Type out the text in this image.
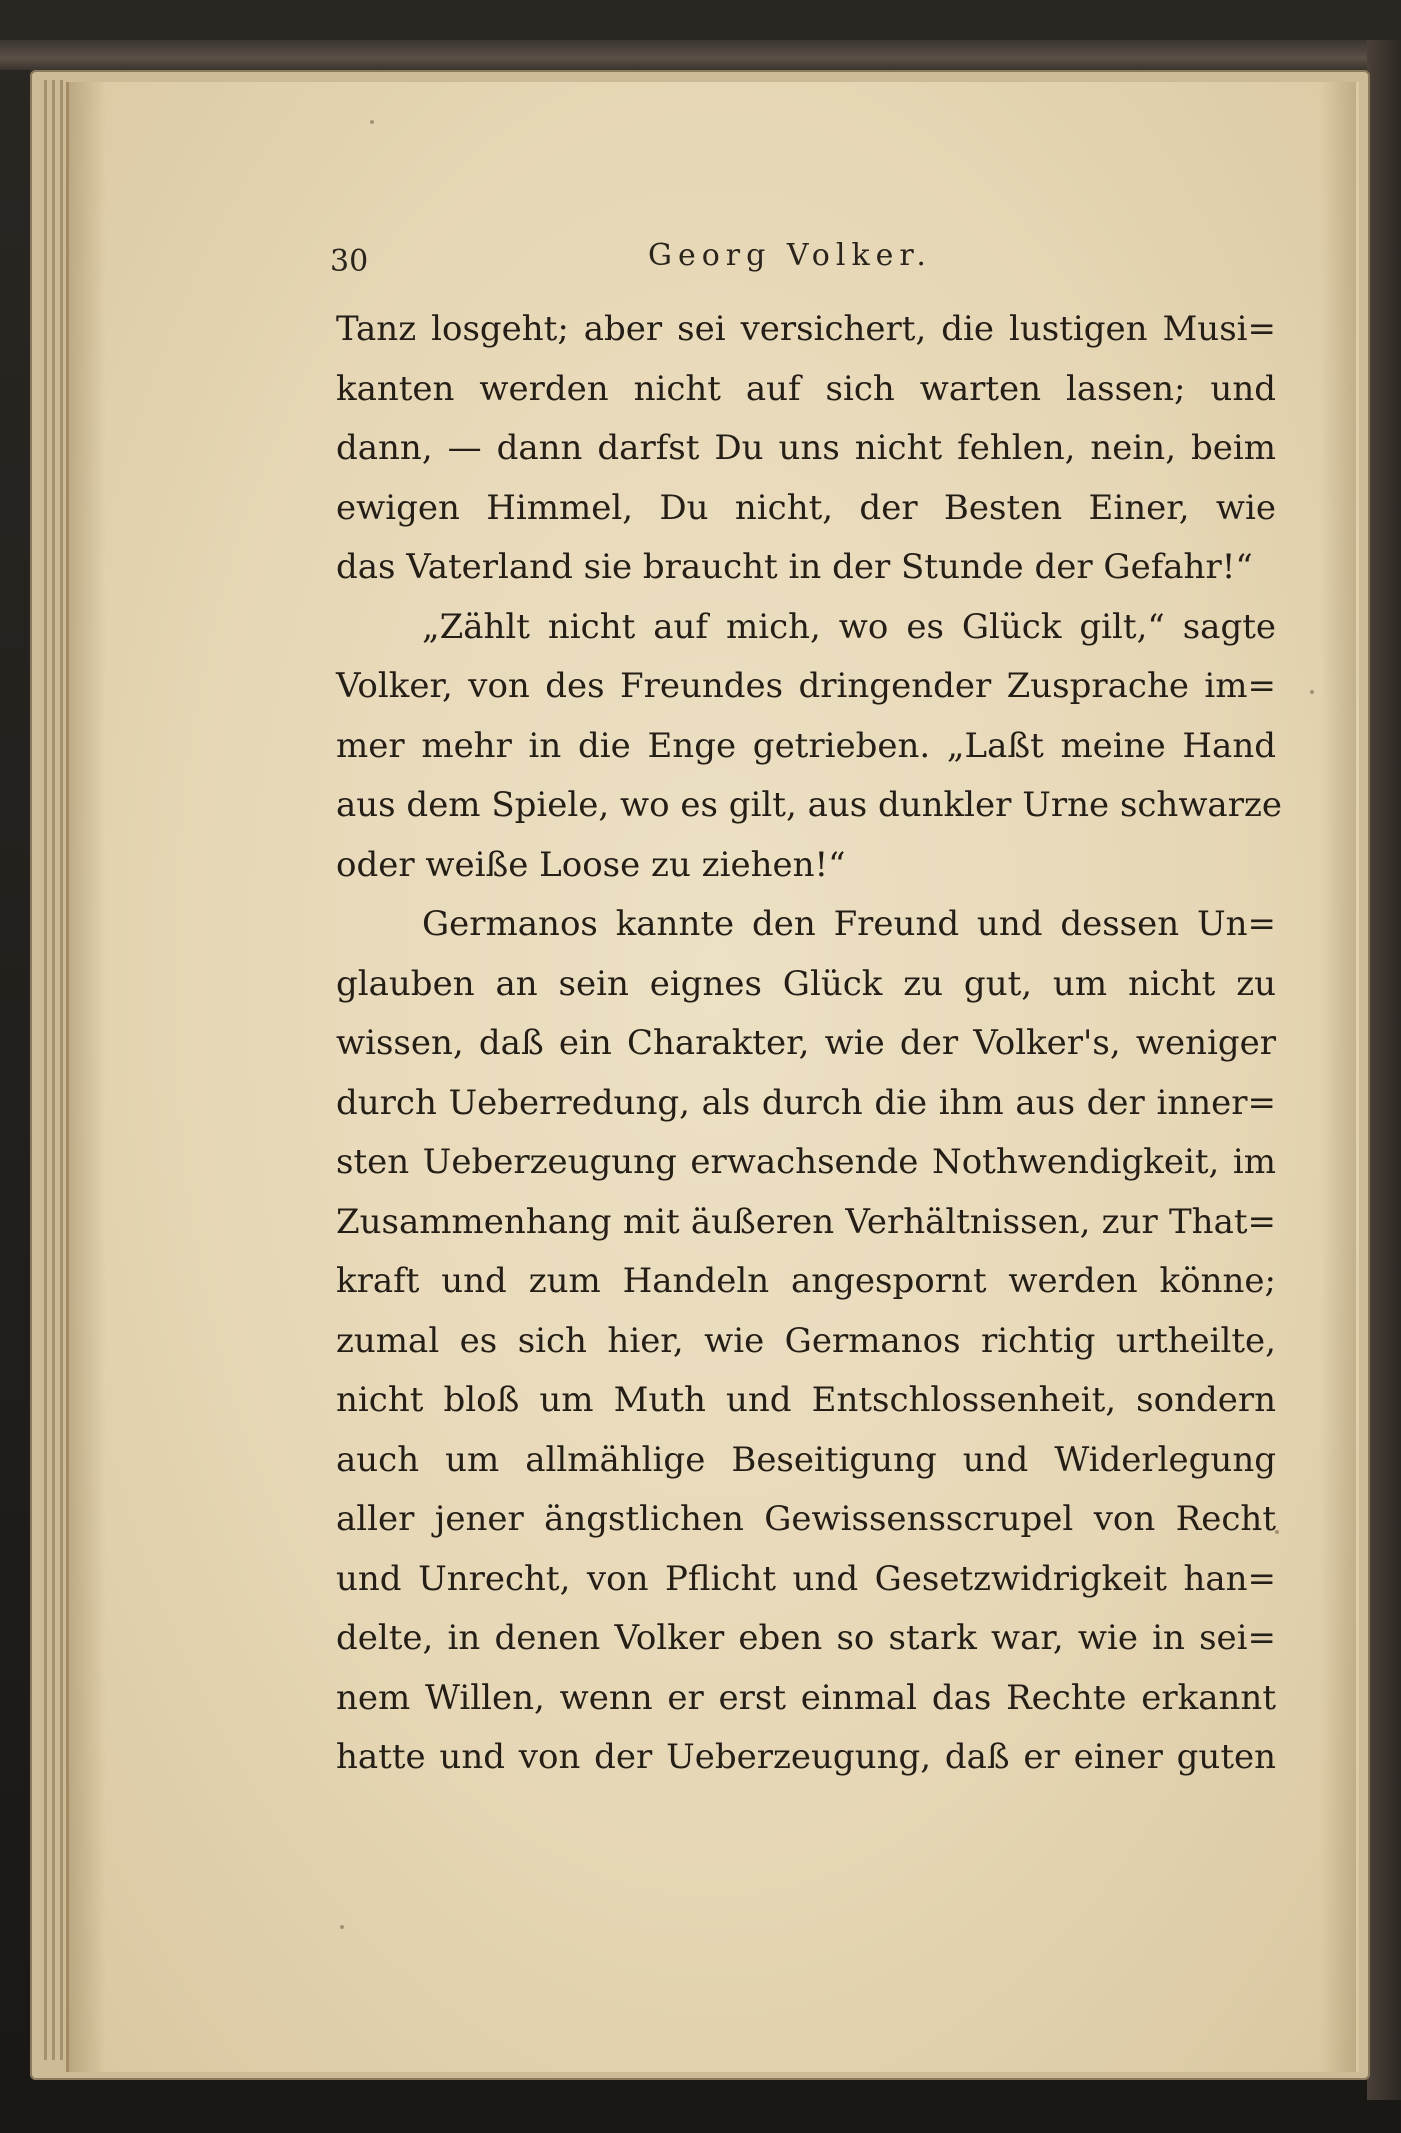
30	Georg Volker.
Tanz losgeht; aber sei versichert, die lustigen Musi=
kanten werden nicht auf sich warten lassen; und
dann, — dann darfst Du uns nicht fehlen, nein, beim
ewigen Himmel, Du nicht, der Besten Einer, wie
das Vaterland sie braucht in der Stunde der Gefahr!“
„Zählt nicht auf mich, wo es Glück gilt,“ sagte
Volker, von des Freundes dringender Zusprache im=
mer mehr in die Enge getrieben. „Laßt meine Hand
aus dem Spiele, wo es gilt, aus dunkler Urne schwarze
oder weiße Loose zu ziehen!“
Germanos kannte den Freund und dessen Un=
glauben an sein eignes Glück zu gut, um nicht zu
wissen, daß ein Charakter, wie der Volker's, weniger
durch Ueberredung, als durch die ihm aus der inner=
sten Ueberzeugung erwachsende Nothwendigkeit, im
Zusammenhang mit äußeren Verhältnissen, zur That=
kraft und zum Handeln angespornt werden könne;
zumal es sich hier, wie Germanos richtig urtheilte,
nicht bloß um Muth und Entschlossenheit, sondern
auch um allmählige Beseitigung und Widerlegung
aller jener ängstlichen Gewissensscrupel von Recht
und Unrecht, von Pflicht und Gesetzwidrigkeit han=
delte, in denen Volker eben so stark war, wie in sei=
nem Willen, wenn er erst einmal das Rechte erkannt
hatte und von der Ueberzeugung, daß er einer guten
